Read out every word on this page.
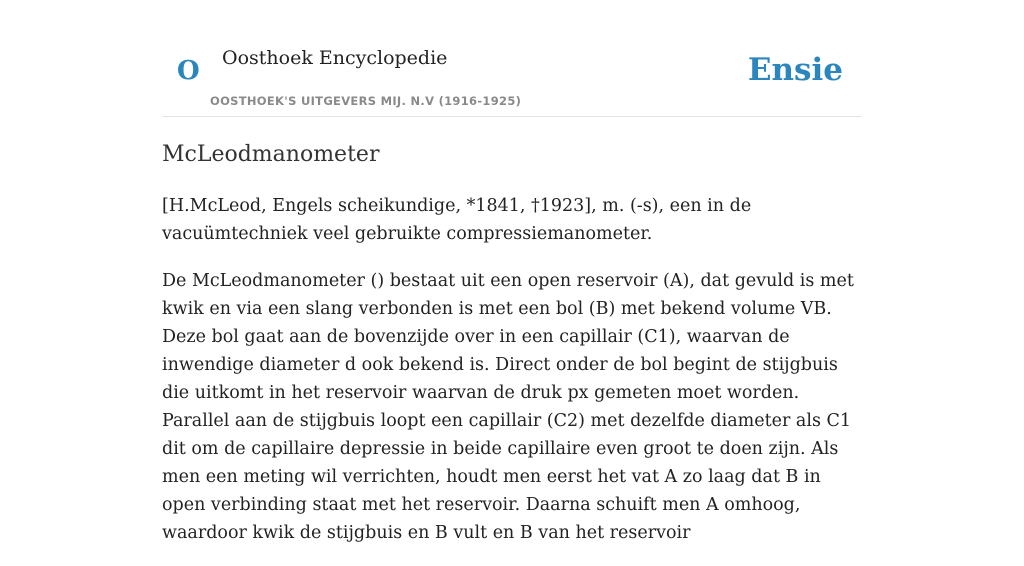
O Oosthoek Encyclopedie
OOSTHOEK'S UITGEVERS MIJ. N.V (1916-1925)
Ensie
McLeodmanometer

[H.McLeod, Engels scheikundige, *1841, †1923], m. (-s), een in de vacuümtechniek veel gebruikte compressiemanometer.

De McLeodmanometer () bestaat uit een open reservoir (A), dat gevuld is met kwik en via een slang verbonden is met een bol (B) met bekend volume VB. Deze bol gaat aan de bovenzijde over in een capillair (C1), waarvan de inwendige diameter d ook bekend is. Direct onder de bol begint de stijgbuis die uitkomt in het reservoir waarvan de druk px gemeten moet worden. Parallel aan de stijgbuis loopt een capillair (C2) met dezelfde diameter als C1 dit om de capillaire depressie in beide capillaire even groot te doen zijn. Als men een meting wil verrichten, houdt men eerst het vat A zo laag dat B in open verbinding staat met het reservoir. Daarna schuift men A omhoog, waardoor kwik de stijgbuis en B vult en B van het reservoir
